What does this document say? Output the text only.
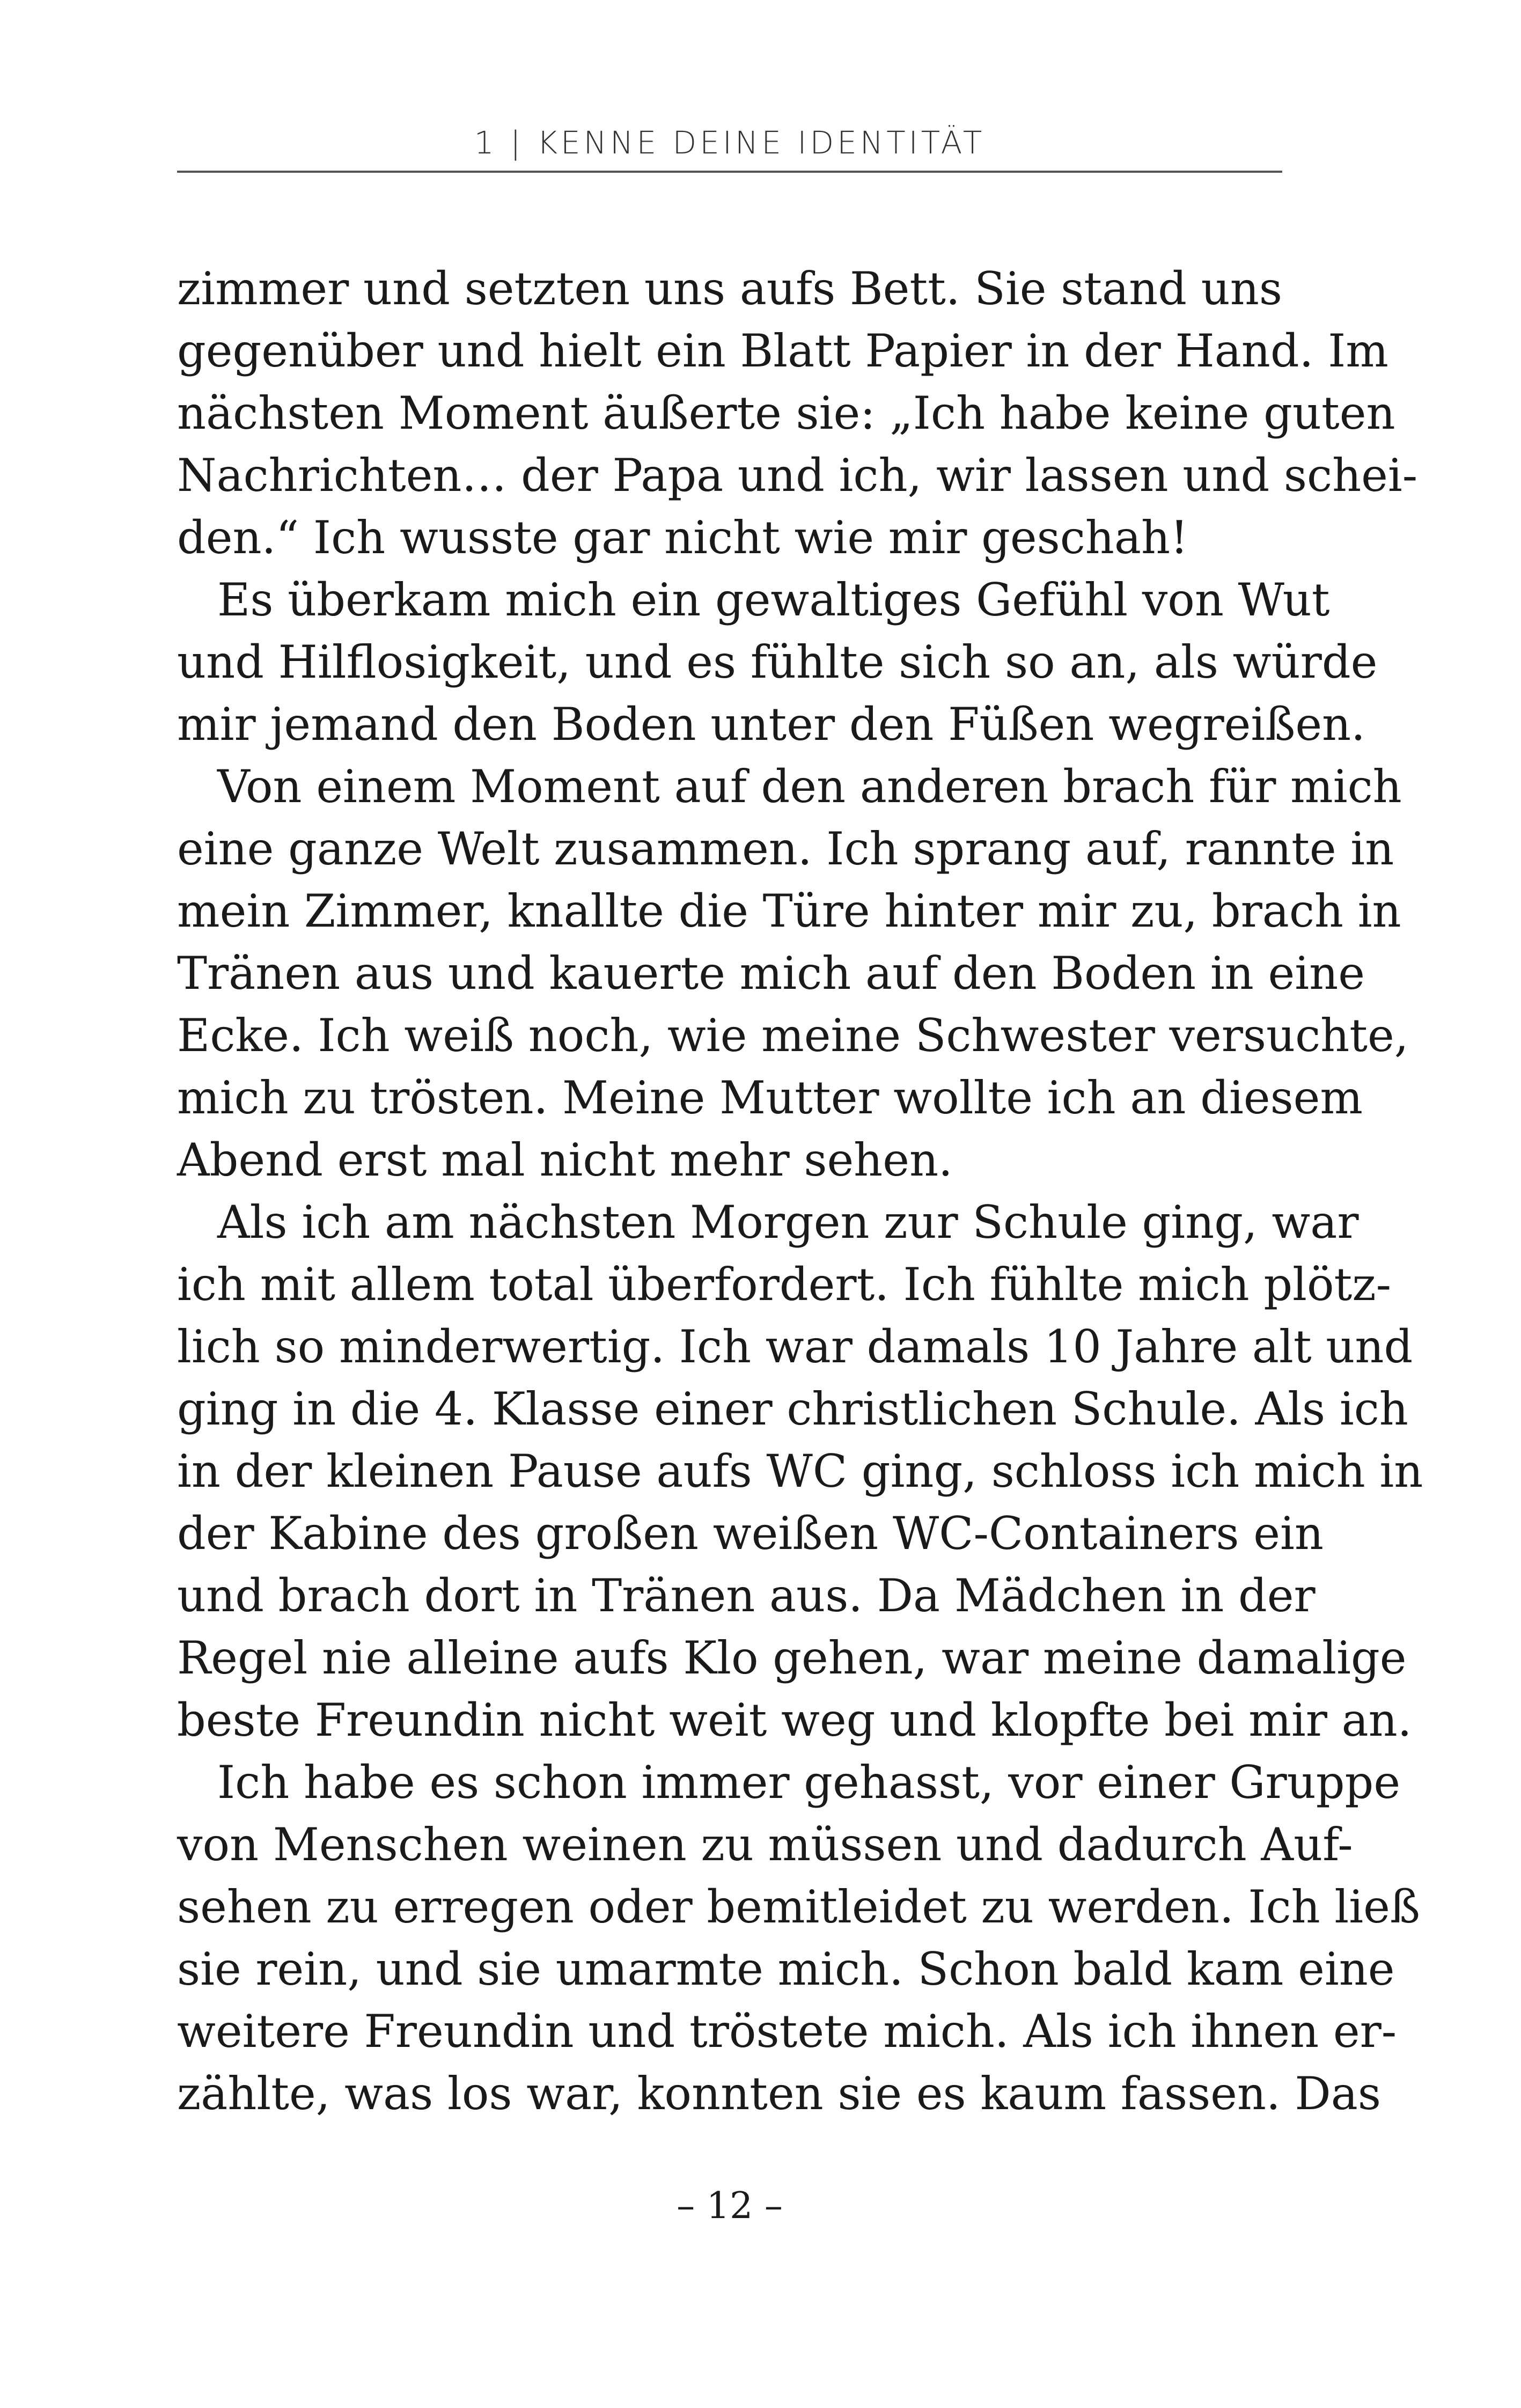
1 | KENNE DEINE IDENTITÄT
zimmer und setzten uns aufs Bett. Sie stand uns
gegenüber und hielt ein Blatt Papier in der Hand. Im
nächsten Moment äußerte sie: „Ich habe keine guten
Nachrichten… der Papa und ich, wir lassen und schei-
den.“ Ich wusste gar nicht wie mir geschah!
Es überkam mich ein gewaltiges Gefühl von Wut
und Hilflosigkeit, und es fühlte sich so an, als würde
mir jemand den Boden unter den Füßen wegreißen.
Von einem Moment auf den anderen brach für mich
eine ganze Welt zusammen. Ich sprang auf, rannte in
mein Zimmer, knallte die Türe hinter mir zu, brach in
Tränen aus und kauerte mich auf den Boden in eine
Ecke. Ich weiß noch, wie meine Schwester versuchte,
mich zu trösten. Meine Mutter wollte ich an diesem
Abend erst mal nicht mehr sehen.
Als ich am nächsten Morgen zur Schule ging, war
ich mit allem total überfordert. Ich fühlte mich plötz-
lich so minderwertig. Ich war damals 10 Jahre alt und
ging in die 4. Klasse einer christlichen Schule. Als ich
in der kleinen Pause aufs WC ging, schloss ich mich in
der Kabine des großen weißen WC-Containers ein
und brach dort in Tränen aus. Da Mädchen in der
Regel nie alleine aufs Klo gehen, war meine damalige
beste Freundin nicht weit weg und klopfte bei mir an.
Ich habe es schon immer gehasst, vor einer Gruppe
von Menschen weinen zu müssen und dadurch Auf-
sehen zu erregen oder bemitleidet zu werden. Ich ließ
sie rein, und sie umarmte mich. Schon bald kam eine
weitere Freundin und tröstete mich. Als ich ihnen er-
zählte, was los war, konnten sie es kaum fassen. Das
– 12 –
